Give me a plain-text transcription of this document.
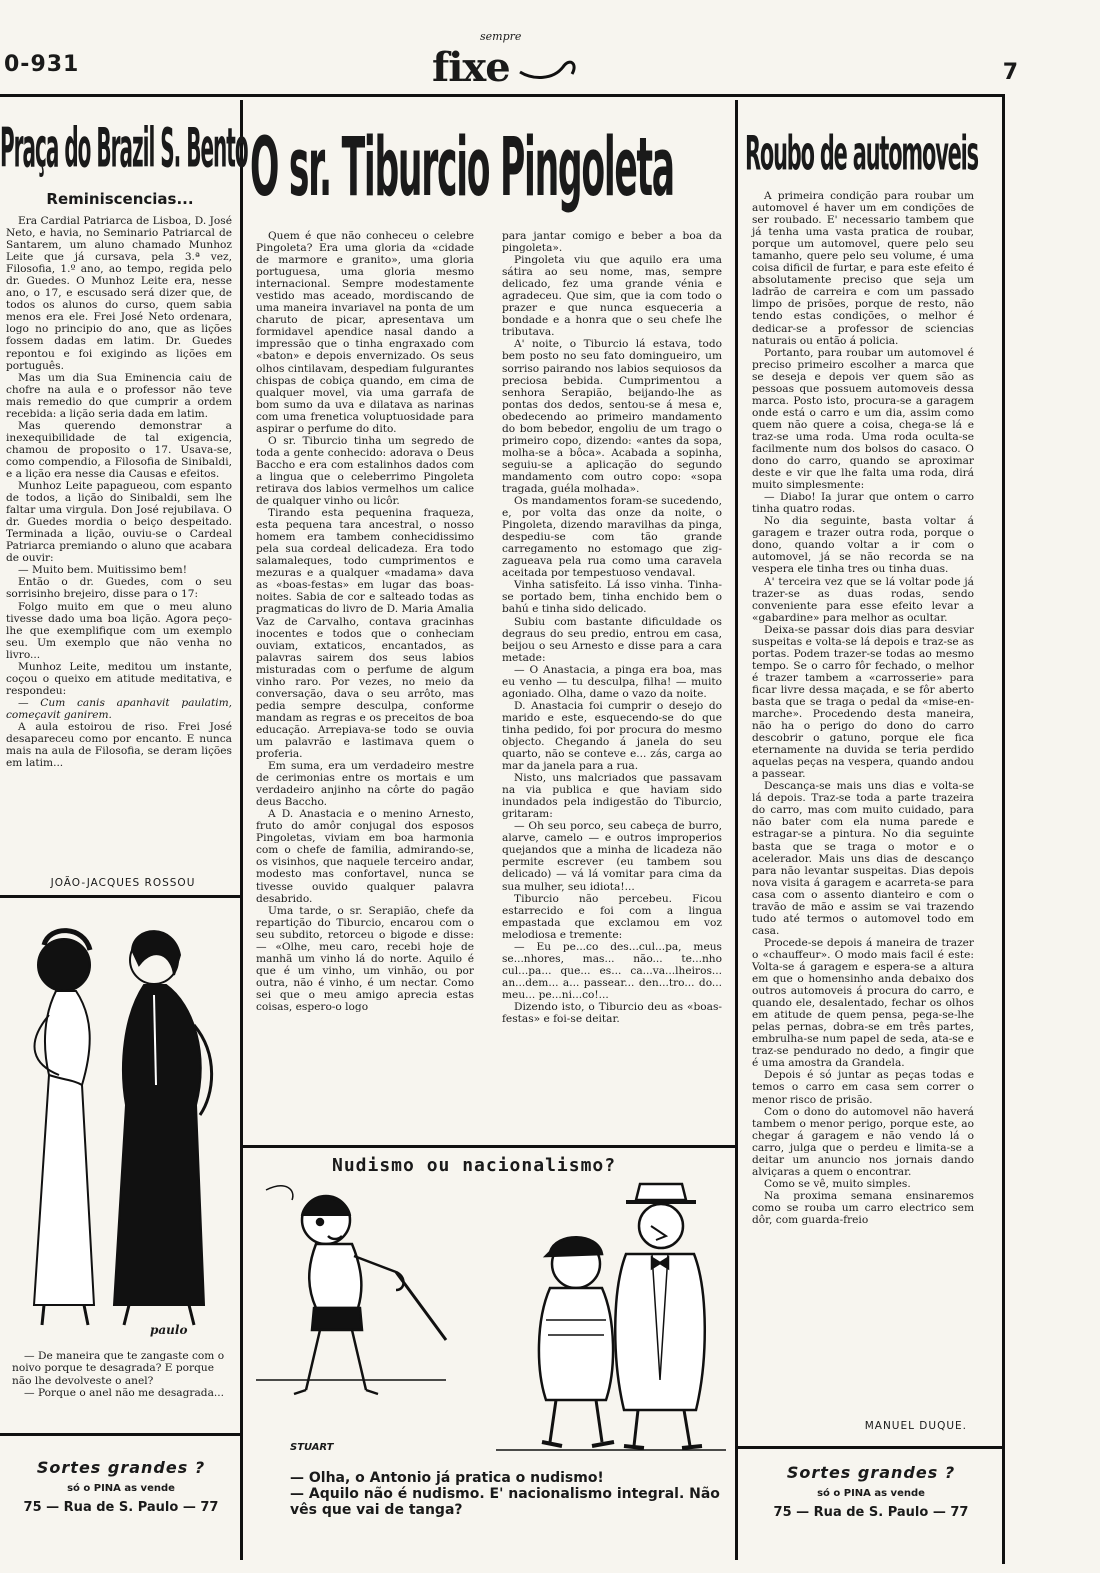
0-931
sempre
fixe	7
Praça do Brazil S. Bento
Reminiscencias...

Era Cardial Patriarca de Lisboa, D. José Neto, e havia, no Seminario Patriarcal de Santarem, um aluno chamado Munhoz Leite que já cursava, pela 3.ª vez, Filosofia, 1.º ano, ao tempo, regida pelo dr. Guedes. O Munhoz Leite era, nesse ano, o 17, e escusado será dizer que, de todos os alunos do curso, quem sabia menos era ele. Frei José Neto ordenara, logo no principio do ano, que as lições fossem dadas em latim. Dr. Guedes repontou e foi exigindo as lições em português.

Mas um dia Sua Eminencia caiu de chofre na aula e o professor não teve mais remedio do que cumprir a ordem recebida: a lição seria dada em latim.

Mas querendo demonstrar a inexequibilidade de tal exigencia, chamou de proposito o 17. Usava-se, como compendio, a Filosofia de Sinibaldi, e a lição era nesse dia Causas e efeitos.

Munhoz Leite papagueou, com espanto de todos, a lição do Sinibaldi, sem lhe faltar uma virgula. Don José rejubilava. O dr. Guedes mordia o beiço despeitado. Terminada a lição, ouviu-se o Cardeal Patriarca premiando o aluno que acabara de ouvir:

— Muito bem. Muitissimo bem!

Então o dr. Guedes, com o seu sorrisinho brejeiro, disse para o 17:

Folgo muito em que o meu aluno tivesse dado uma boa lição. Agora peço-lhe que exemplifique com um exemplo seu. Um exemplo que não venha no livro...

Munhoz Leite, meditou um instante, coçou o queixo em atitude meditativa, e respondeu:

— Cum canis apanhavit paulatim, começavit ganirem.

A aula estoirou de riso. Frei José desapareceu como por encanto. E nunca mais na aula de Filosofia, se deram lições em latim...

JOÃO-JACQUES ROSSOU
paulo

— De maneira que te zangaste com o noivo porque te desagrada? E porque não lhe devolveste o anel?

— Porque o anel não me desagrada...

Sortes grandes ?
só o PINA as vende
75 — Rua de S. Paulo — 77
O sr. Tiburcio Pingoleta

Quem é que não conheceu o celebre Pingoleta? Era uma gloria da «cidade de marmore e granito», uma gloria portuguesa, uma gloria mesmo internacional. Sempre modestamente vestido mas aceado, mordiscando de uma maneira invariavel na ponta de um charuto de picar, apresentava um formidavel apendice nasal dando a impressão que o tinha engraxado com «baton» e depois envernizado. Os seus olhos cintilavam, despediam fulgurantes chispas de cobiça quando, em cima de qualquer movel, via uma garrafa de bom sumo da uva e dilatava as narinas com uma frenetica voluptuosidade para aspirar o perfume do dito.

O sr. Tiburcio tinha um segredo de toda a gente conhecido: adorava o Deus Baccho e era com estalinhos dados com a lingua que o celeberrimo Pingoleta retirava dos labios vermelhos um calice de qualquer vinho ou licôr.

Tirando esta pequenina fraqueza, esta pequena tara ancestral, o nosso homem era tambem conhecidissimo pela sua cordeal delicadeza. Era todo salamaleques, todo cumprimentos e mezuras e a qualquer «madama» dava as «boas-festas» em lugar das boas-noites. Sabia de cor e salteado todas as pragmaticas do livro de D. Maria Amalia Vaz de Carvalho, contava gracinhas inocentes e todos que o conheciam ouviam, extaticos, encantados, as palavras sairem dos seus labios misturadas com o perfume de algum vinho raro. Por vezes, no meio da conversação, dava o seu arrôto, mas pedia sempre desculpa, conforme mandam as regras e os preceitos de boa educação. Arrepiava-se todo se ouvia um palavrão e lastimava quem o proferia.

Em suma, era um verdadeiro mestre de cerimonias entre os mortais e um verdadeiro anjinho na côrte do pagão deus Baccho.

A D. Anastacia e o menino Arnesto, fruto do amôr conjugal dos esposos Pingoletas, viviam em boa harmonia com o chefe de familia, admirando-se, os visinhos, que naquele terceiro andar, modesto mas confortavel, nunca se tivesse ouvido qualquer palavra desabrido.

Uma tarde, o sr. Serapião, chefe da repartição do Tiburcio, encarou com o seu subdito, retorceu o bigode e disse: — «Olhe, meu caro, recebi hoje de manhã um vinho lá do norte. Aquilo é que é um vinho, um vinhão, ou por outra, não é vinho, é um nectar. Como sei que o meu amigo aprecia estas coisas, espero-o logo

para jantar comigo e beber a boa da pingoleta».

Pingoleta viu que aquilo era uma sátira ao seu nome, mas, sempre delicado, fez uma grande vénia e agradeceu. Que sim, que ia com todo o prazer e que nunca esqueceria a bondade e a honra que o seu chefe lhe tributava.

A' noite, o Tiburcio lá estava, todo bem posto no seu fato domingueiro, um sorriso pairando nos labios sequiosos da preciosa bebida. Cumprimentou a senhora Serapião, beijando-lhe as pontas dos dedos, sentou-se á mesa e, obedecendo ao primeiro mandamento do bom bebedor, engoliu de um trago o primeiro copo, dizendo: «antes da sopa, molha-se a bôca». Acabada a sopinha, seguiu-se a aplicação do segundo mandamento com outro copo: «sopa tragada, guéla molhada».

Os mandamentos foram-se sucedendo, e, por volta das onze da noite, o Pingoleta, dizendo maravilhas da pinga, despediu-se com tão grande carregamento no estomago que zig-zagueava pela rua como uma caravela aceitada por tempestuoso vendaval.

Vinha satisfeito. Lá isso vinha. Tinha-se portado bem, tinha enchido bem o bahú e tinha sido delicado.

Subiu com bastante dificuldade os degraus do seu predio, entrou em casa, beijou o seu Arnesto e disse para a cara metade:

— O Anastacia, a pinga era boa, mas eu venho — tu desculpa, filha! — muito agoniado. Olha, dame o vazo da noite.

D. Anastacia foi cumprir o desejo do marido e este, esquecendo-se do que tinha pedido, foi por procura do mesmo objecto. Chegando á janela do seu quarto, não se conteve e... zás, carga ao mar da janela para a rua.

Nisto, uns malcriados que passavam na via publica e que haviam sido inundados pela indigestão do Tiburcio, gritaram:

— Oh seu porco, seu cabeça de burro, alarve, camelo — e outros improperios quejandos que a minha de licadeza não permite escrever (eu tambem sou delicado) — vá lá vomitar para cima da sua mulher, seu idiota!...

Tiburcio não percebeu. Ficou estarrecido e foi com a lingua empastada que exclamou em voz melodiosa e tremente:

— Eu pe...co des...cul...pa, meus se...nhores, mas... não... te...nho cul...pa... que... es... ca...va...lheiros... an...dem... a... passear... den...tro... do... meu... pe...ni...co!...

Dizendo isto, o Tiburcio deu as «boas-festas» e foi-se deitar.

Nudismo ou nacionalismo?
STUART
— Olha, o Antonio já pratica o nudismo!
— Aquilo não é nudismo. E' nacionalismo integral. Não vês que vai de tanga?
Roubo de automoveis

A primeira condição para roubar um automovel é haver um em condições de ser roubado. E' necessario tambem que já tenha uma vasta pratica de roubar, porque um automovel, quere pelo seu tamanho, quere pelo seu volume, é uma coisa dificil de furtar, e para este efeito é absolutamente preciso que seja um ladrão de carreira e com um passado limpo de prisões, porque de resto, não tendo estas condições, o melhor é dedicar-se a professor de sciencias naturais ou então á policia.

Portanto, para roubar um automovel é preciso primeiro escolher a marca que se deseja e depois ver quem são as pessoas que possuem automoveis dessa marca. Posto isto, procura-se a garagem onde está o carro e um dia, assim como quem não quere a coisa, chega-se lá e traz-se uma roda. Uma roda oculta-se facilmente num dos bolsos do casaco. O dono do carro, quando se aproximar deste e vir que lhe falta uma roda, dirá muito simplesmente:

— Diabo! Ia jurar que ontem o carro tinha quatro rodas.

No dia seguinte, basta voltar á garagem e trazer outra roda, porque o dono, quando voltar a ir com o automovel, já se não recorda se na vespera ele tinha tres ou tinha duas.

A' terceira vez que se lá voltar pode já trazer-se as duas rodas, sendo conveniente para esse efeito levar a «gabardine» para melhor as ocultar.

Deixa-se passar dois dias para desviar suspeitas e volta-se lá depois e traz-se as portas. Podem trazer-se todas ao mesmo tempo. Se o carro fôr fechado, o melhor é trazer tambem a «carrosserie» para ficar livre dessa maçada, e se fôr aberto basta que se traga o pedal da «mise-en-marche». Procedendo desta maneira, não ha o perigo do dono do carro descobrir o gatuno, porque ele fica eternamente na duvida se teria perdido aquelas peças na vespera, quando andou a passear.

Descança-se mais uns dias e volta-se lá depois. Traz-se toda a parte trazeira do carro, mas com muito cuidado, para não bater com ela numa parede e estragar-se a pintura. No dia seguinte basta que se traga o motor e o acelerador. Mais uns dias de descanço para não levantar suspeitas. Dias depois nova visita á garagem e acarreta-se para casa com o assento dianteiro e com o travão de mão e assim se vai trazendo tudo até termos o automovel todo em casa.

Procede-se depois á maneira de trazer o «chauffeur». O modo mais facil é este: Volta-se á garagem e espera-se a altura em que o homensinho anda debaixo dos outros automoveis á procura do carro, e quando ele, desalentado, fechar os olhos em atitude de quem pensa, pega-se-lhe pelas pernas, dobra-se em três partes, embrulha-se num papel de seda, ata-se e traz-se pendurado no dedo, a fingir que é uma amostra da Grandela.

Depois é só juntar as peças todas e temos o carro em casa sem correr o menor risco de prisão.

Com o dono do automovel não haverá tambem o menor perigo, porque este, ao chegar á garagem e não vendo lá o carro, julga que o perdeu e limita-se a deitar um anuncio nos jornais dando alviçaras a quem o encontrar.

Como se vê, muito simples.

Na proxima semana ensinaremos como se rouba um carro electrico sem dôr, com guarda-freio

MANUEL DUQUE.
Sortes grandes ?
só o PINA as vende
75 — Rua de S. Paulo — 77
